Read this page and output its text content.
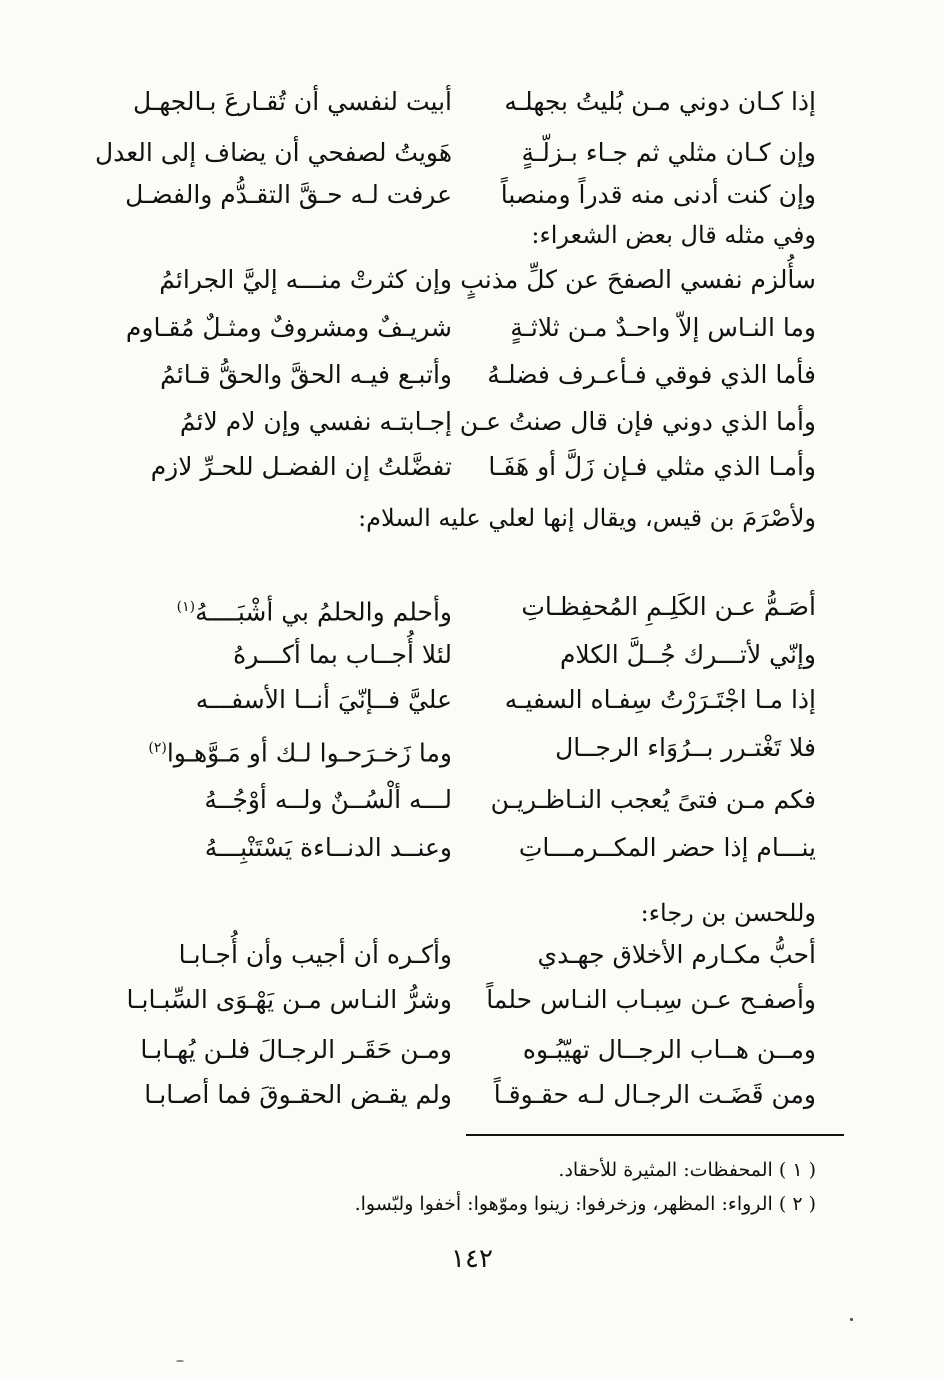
إذا كـان دوني مـن بُليتُ بجهلـه
أبيت لنفسي أن تُقـارعَ بـالجهـل
وإن كـان مثلي ثم جـاء بـزلّـةٍ
هَويتُ لصفحي أن يضاف إلى العدل
وإن كنت أدنى منه قدراً ومنصباً
عرفت لـه حـقَّ التقـدُّم والفضـل
وفي مثله قال بعض الشعراء:
سأُلزم نفسي الصفحَ عن كلِّ مذنبٍ
وإن كثرتْ منـــه إليَّ الجرائمُ
وما النـاس إلاّ واحـدٌ مـن ثلاثـةٍ
شريـفٌ ومشروفٌ ومثـلٌ مُقـاوم
فأما الذي فوقي فـأعـرف فضلـهُ
وأتبـع فيـه الحقَّ والحقُّ قـائمُ
وأما الذي دوني فإن قال صنتُ عـن
إجـابتـه نفسي وإن لام لائمُ
وأمـا الذي مثلي فـإن زَلَّ أو هَفَـا
تفضَّلتُ إن الفضـل للحـرِّ لازم
ولأصْرَمَ بن قيس، ويقال إنها لعلي عليه السلام:
أصَـمُّ عـن الكَلِـمِ المُحفِظـاتِ
وأحلم والحلمُ بي أشْبَــــهُ$^{(١)}$
وإنّي لأتـــرك جُــلَّ الكلام
لئلا أُجــاب بما أكـــرهُ
إذا مـا اجْتَـرَرْتُ سِفـاه السفيـه
عليَّ فــإنّيَ أنــا الأسفـــه
فلا تَغْتـرر بــرُوَاء الرجــال
وما زَخـرَحـوا لـك أو مَـوَّهـوا$^{(٢)}$
فكم مـن فتىً يُعجب النـاظـريـن
لـــه ألْسُــنٌ ولــه أوْجُــهُ
ينـــام إذا حضر المكــرمـــاتِ
وعنــد الدنــاءة يَسْتَنْبِـــهُ
وللحسن بن رجاء:
أحبُّ مكـارم الأخلاق جهـدي
وأكـره أن أجيب وأن أُجـابـا
وأصفـح عـن سِبـاب النـاس حلماً
وشرُّ النـاس مـن يَهْـوَى السِّبـابـا
ومــن هــاب الرجــال تهيّبُـوه
ومـن حَقَـر الرجـالَ فلـن يُهـابـا
ومن قَضَـت الرجـال لـه حقـوقـاً
ولم يقـض الحقـوقَ فما أصـابـا
( ١ ) المحفظات: المثيرة للأحقاد.
( ٢ ) الرواء: المظهر، وزخرفوا: زينوا وموّهوا: أخفوا ولبّسوا.
١٤٢
